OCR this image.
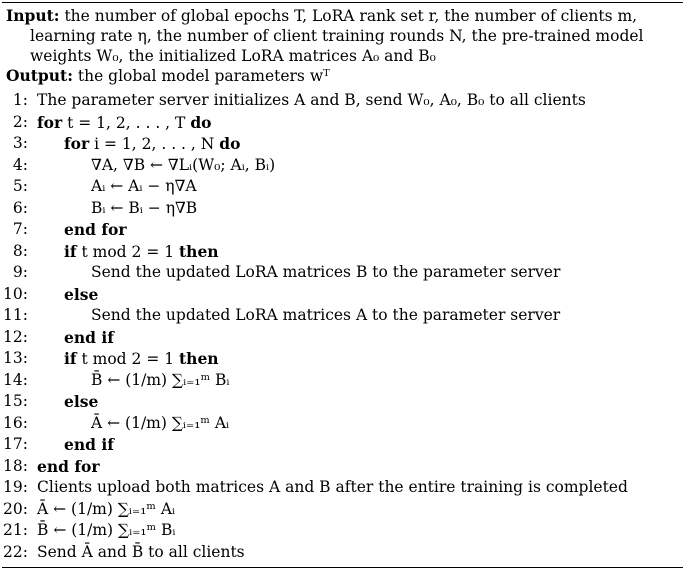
Input: the number of global epochs T, LoRA rank set r, the number of clients m,
learning rate η, the number of client training rounds N, the pre-trained model
weights W₀, the initialized LoRA matrices A₀ and B₀
Output: the global model parameters wᵀ
1: The parameter server initializes A and B, send W₀, A₀, B₀ to all clients
2: for t = 1, 2, . . . , T do
3: for i = 1, 2, . . . , N do
4:	∇A, ∇B ← ∇Lᵢ(W₀; Aᵢ, Bᵢ)
5:	Aᵢ ← Aᵢ − η∇A
6:	Bᵢ ← Bᵢ − η∇B
7: end for
8: if t mod 2 = 1 then
9:	Send the updated LoRA matrices B to the parameter server
10: else
11:	Send the updated LoRA matrices A to the parameter server
12: end if
13: if t mod 2 = 1 then
14:	B̄ ← (1/m) ∑ᵢ₌₁ᵐ Bᵢ
15: else
16:	Ā ← (1/m) ∑ᵢ₌₁ᵐ Aᵢ
17: end if
18: end for
19: Clients upload both matrices A and B after the entire training is completed
20: Ā ← (1/m) ∑ᵢ₌₁ᵐ Aᵢ
21: B̄ ← (1/m) ∑ᵢ₌₁ᵐ Bᵢ
22: Send Ā and B̄ to all clients
